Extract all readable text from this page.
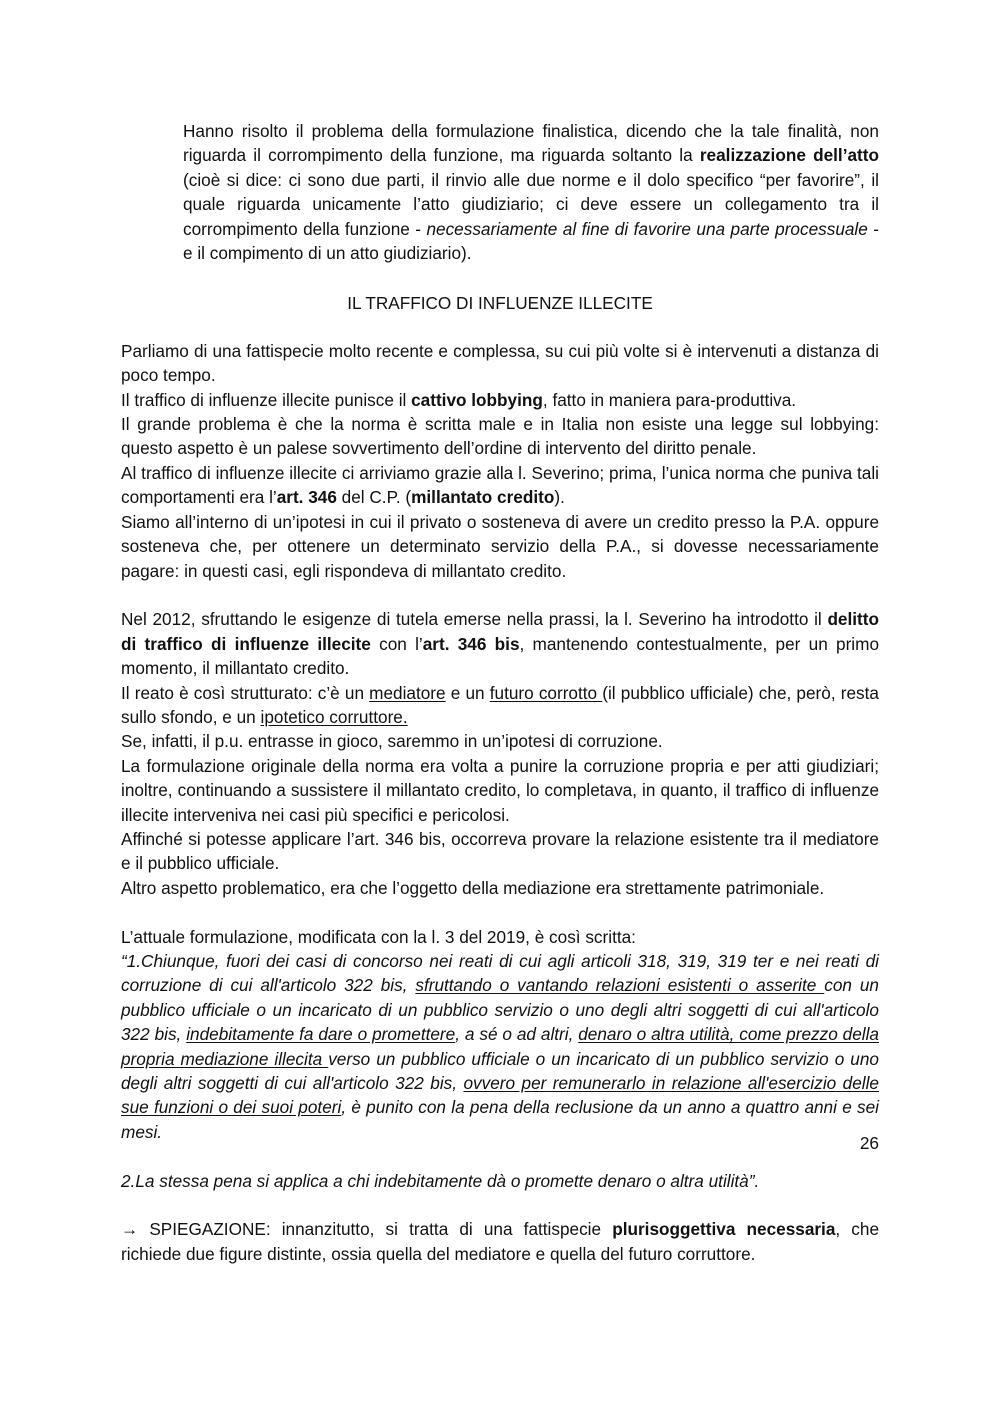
Hanno risolto il problema della formulazione finalistica, dicendo che la tale finalità, non riguarda il corrompimento della funzione, ma riguarda soltanto la realizzazione dell’atto (cioè si dice: ci sono due parti, il rinvio alle due norme e il dolo specifico “per favorire”, il quale riguarda unicamente l’atto giudiziario; ci deve essere un collegamento tra il corrompimento della funzione - necessariamente al fine di favorire una parte processuale - e il compimento di un atto giudiziario).

IL TRAFFICO DI INFLUENZE ILLECITE

Parliamo di una fattispecie molto recente e complessa, su cui più volte si è intervenuti a distanza di poco tempo.

Il traffico di influenze illecite punisce il cattivo lobbying, fatto in maniera para-produttiva.

Il grande problema è che la norma è scritta male e in Italia non esiste una legge sul lobbying: questo aspetto è un palese sovvertimento dell’ordine di intervento del diritto penale.

Al traffico di influenze illecite ci arriviamo grazie alla l. Severino; prima, l’unica norma che puniva tali comportamenti era l’art. 346 del C.P. (millantato credito).

Siamo all’interno di un’ipotesi in cui il privato o sosteneva di avere un credito presso la P.A. oppure sosteneva che, per ottenere un determinato servizio della P.A., si dovesse necessariamente pagare: in questi casi, egli rispondeva di millantato credito.

Nel 2012, sfruttando le esigenze di tutela emerse nella prassi, la l. Severino ha introdotto il delitto di traffico di influenze illecite con l’art. 346 bis, mantenendo contestualmente, per un primo momento, il millantato credito.

Il reato è così strutturato: c’è un mediatore e un futuro corrotto (il pubblico ufficiale) che, però, resta sullo sfondo, e un ipotetico corruttore.

Se, infatti, il p.u. entrasse in gioco, saremmo in un’ipotesi di corruzione.

La formulazione originale della norma era volta a punire la corruzione propria e per atti giudiziari; inoltre, continuando a sussistere il millantato credito, lo completava, in quanto, il traffico di influenze illecite interveniva nei casi più specifici e pericolosi.

Affinché si potesse applicare l’art. 346 bis, occorreva provare la relazione esistente tra il mediatore e il pubblico ufficiale.

Altro aspetto problematico, era che l’oggetto della mediazione era strettamente patrimoniale.

L’attuale formulazione, modificata con la l. 3 del 2019, è così scritta:

“1.Chiunque, fuori dei casi di concorso nei reati di cui agli articoli 318, 319, 319 ter e nei reati di corruzione di cui all'articolo 322 bis, sfruttando o vantando relazioni esistenti o asserite con un pubblico ufficiale o un incaricato di un pubblico servizio o uno degli altri soggetti di cui all'articolo 322 bis, indebitamente fa dare o promettere, a sé o ad altri, denaro o altra utilità, come prezzo della propria mediazione illecita verso un pubblico ufficiale o un incaricato di un pubblico servizio o uno degli altri soggetti di cui all'articolo 322 bis, ovvero per remunerarlo in relazione all'esercizio delle sue funzioni o dei suoi poteri, è punito con la pena della reclusione da un anno a quattro anni e sei mesi.

2.La stessa pena si applica a chi indebitamente dà o promette denaro o altra utilità”.

→ SPIEGAZIONE: innanzitutto, si tratta di una fattispecie plurisoggettiva necessaria, che richiede due figure distinte, ossia quella del mediatore e quella del futuro corruttore.

26
